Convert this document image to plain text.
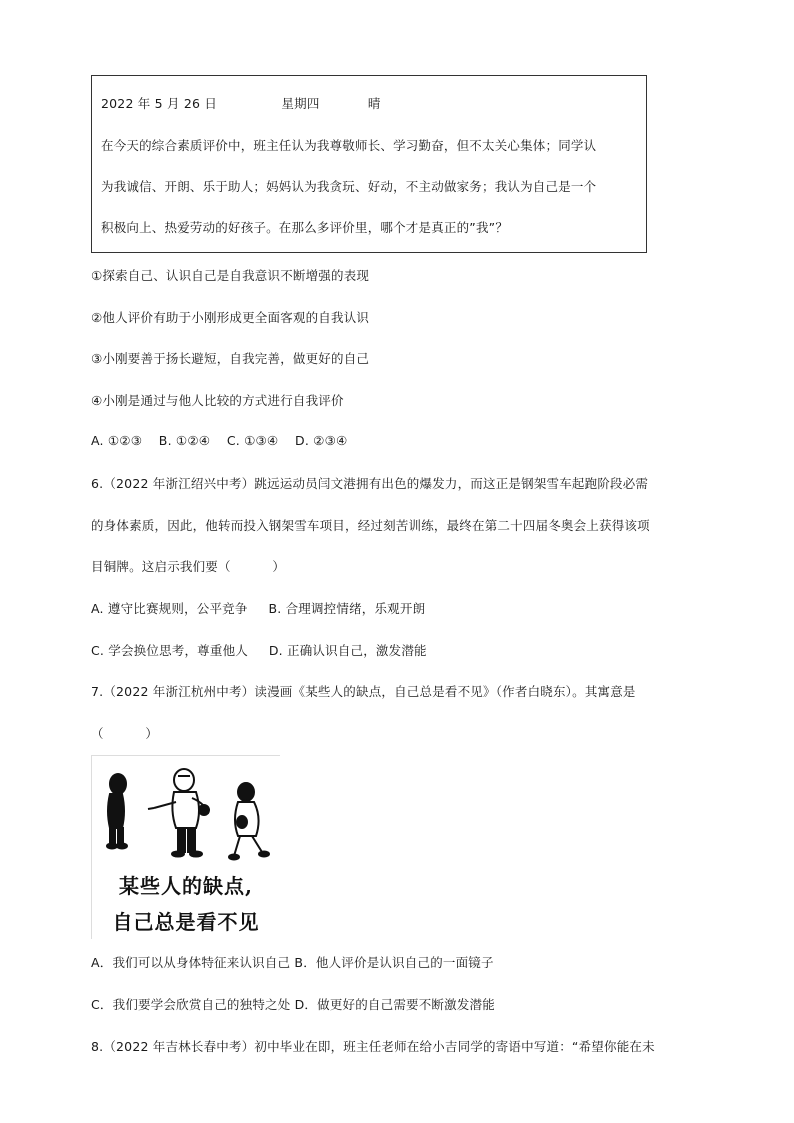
2022 年 5 月 26 日	星期四	晴
在今天的综合素质评价中，班主任认为我尊敬师长、学习勤奋，但不太关心集体；同学认
为我诚信、开朗、乐于助人；妈妈认为我贪玩、好动，不主动做家务；我认为自己是一个
积极向上、热爱劳动的好孩子。在那么多评价里，哪个才是真正的”我”？
①探索自己、认识自己是自我意识不断增强的表现
②他人评价有助于小刚形成更全面客观的自我认识
③小刚要善于扬长避短，自我完善，做更好的自己
④小刚是通过与他人比较的方式进行自我评价
A. ①②③    B. ①②④    C. ①③④    D. ②③④
6.（2022 年浙江绍兴中考）跳远运动员闫文港拥有出色的爆发力，而这正是钢架雪车起跑阶段必需
的身体素质，因此，他转而投入钢架雪车项目，经过刻苦训练，最终在第二十四届冬奥会上获得该项
目铜牌。这启示我们要（          ）
A. 遵守比赛规则，公平竞争     B. 合理调控情绪，乐观开朗
C. 学会换位思考，尊重他人     D. 正确认识自己，激发潜能
7.（2022 年浙江杭州中考）读漫画《某些人的缺点，自己总是看不见》（作者白晓东）。其寓意是
（          ）
某些人的缺点,
自己总是看不见
A．我们可以从身体特征来认识自己 B．他人评价是认识自己的一面镜子
C．我们要学会欣赏自己的独特之处 D．做更好的自己需要不断激发潜能
8.（2022 年吉林长春中考）初中毕业在即，班主任老师在给小吉同学的寄语中写道：“希望你能在未
